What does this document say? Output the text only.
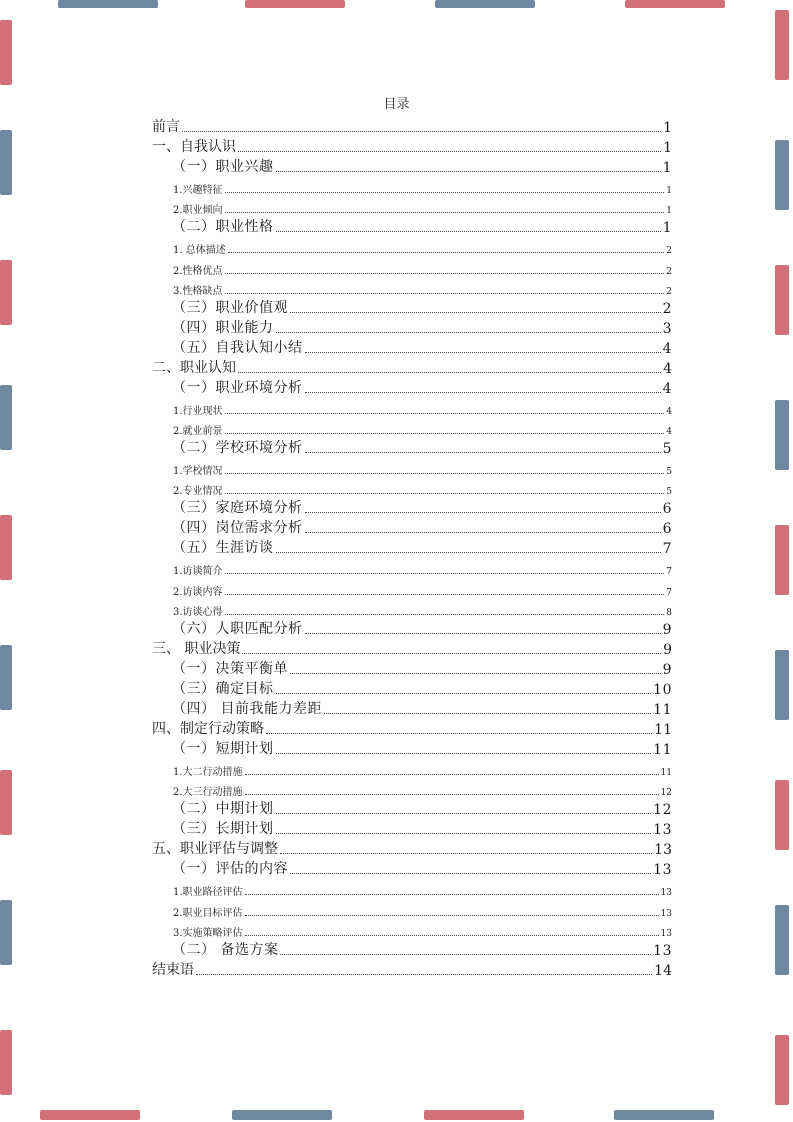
目录
前言	1
一、自我认识	1
（一）职业兴趣	1
1.兴趣特征	1
2.职业倾向	1
（二）职业性格	1
1. 总体描述	2
2.性格优点	2
3.性格缺点	2
（三）职业价值观	2
（四）职业能力	3
（五）自我认知小结	4
二、职业认知	4
（一）职业环境分析	4
1.行业现状	4
2.就业前景	4
（二）学校环境分析	5
1.学校情况	5
2.专业情况	5
（三）家庭环境分析	6
（四）岗位需求分析	6
（五）生涯访谈	7
1.访谈简介	7
2.访谈内容	7
3.访谈心得	8
（六）人职匹配分析	9
三、 职业决策	9
（一）决策平衡单	9
（三）确定目标	10
（四） 目前我能力差距	11
四、制定行动策略	11
（一）短期计划	11
1.大二行动措施	11
2.大三行动措施	12
（二）中期计划	12
（三）长期计划	13
五、职业评估与调整	13
（一）评估的内容	13
1.职业路径评估	13
2.职业目标评估	13
3.实施策略评估	13
（二） 备选方案	13
结束语	14
